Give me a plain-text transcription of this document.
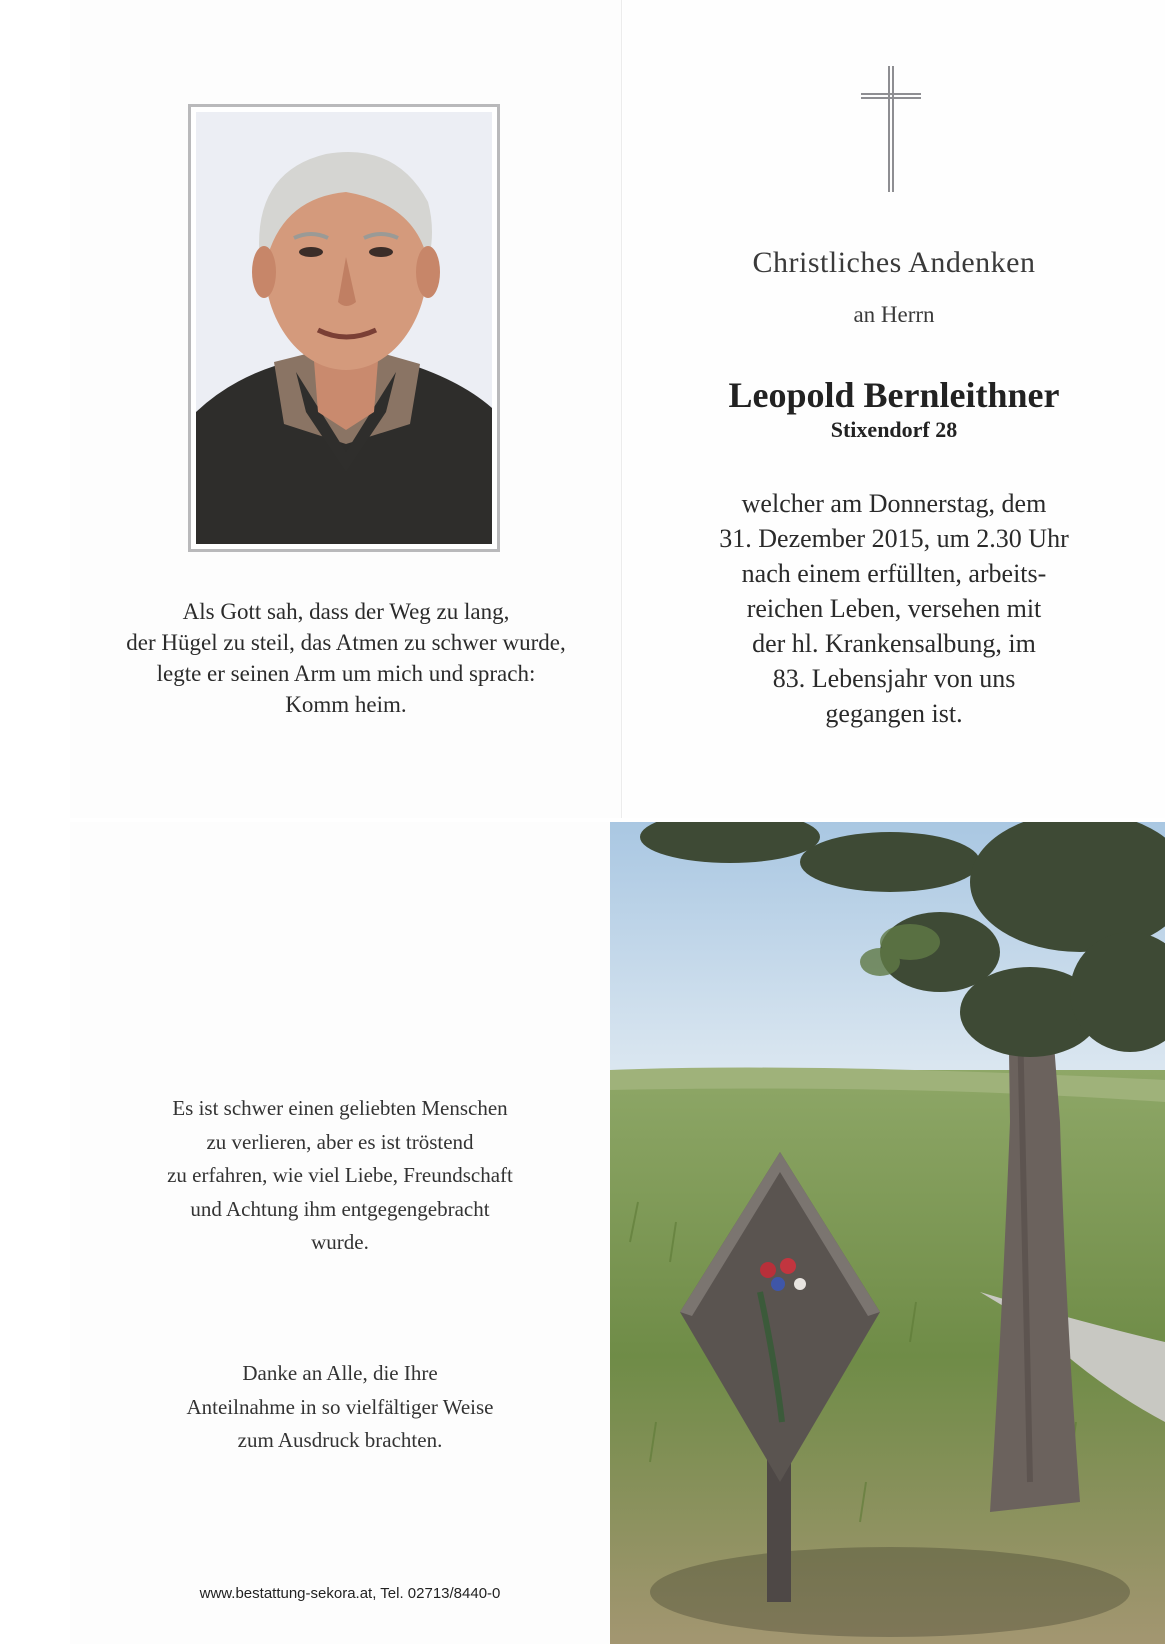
Als Gott sah, dass der Weg zu lang,

der Hügel zu steil, das Atmen zu schwer wurde,

legte er seinen Arm um mich und sprach:

Komm heim.

Christliches Andenken
an Herrn
Leopold Bernleithner
Stixendorf 28

welcher am Donnerstag, dem

31. Dezember 2015, um 2.30 Uhr

nach einem erfüllten, arbeits-

reichen Leben, versehen mit

der hl. Krankensalbung, im

83. Lebensjahr von uns

gegangen ist.

Es ist schwer einen geliebten Menschen

zu verlieren, aber es ist tröstend

zu erfahren, wie viel Liebe, Freundschaft

und Achtung ihm entgegengebracht

wurde.

Danke an Alle, die Ihre

Anteilnahme in so vielfältiger Weise

zum Ausdruck brachten.

www.bestattung-sekora.at, Tel. 02713/8440-0
